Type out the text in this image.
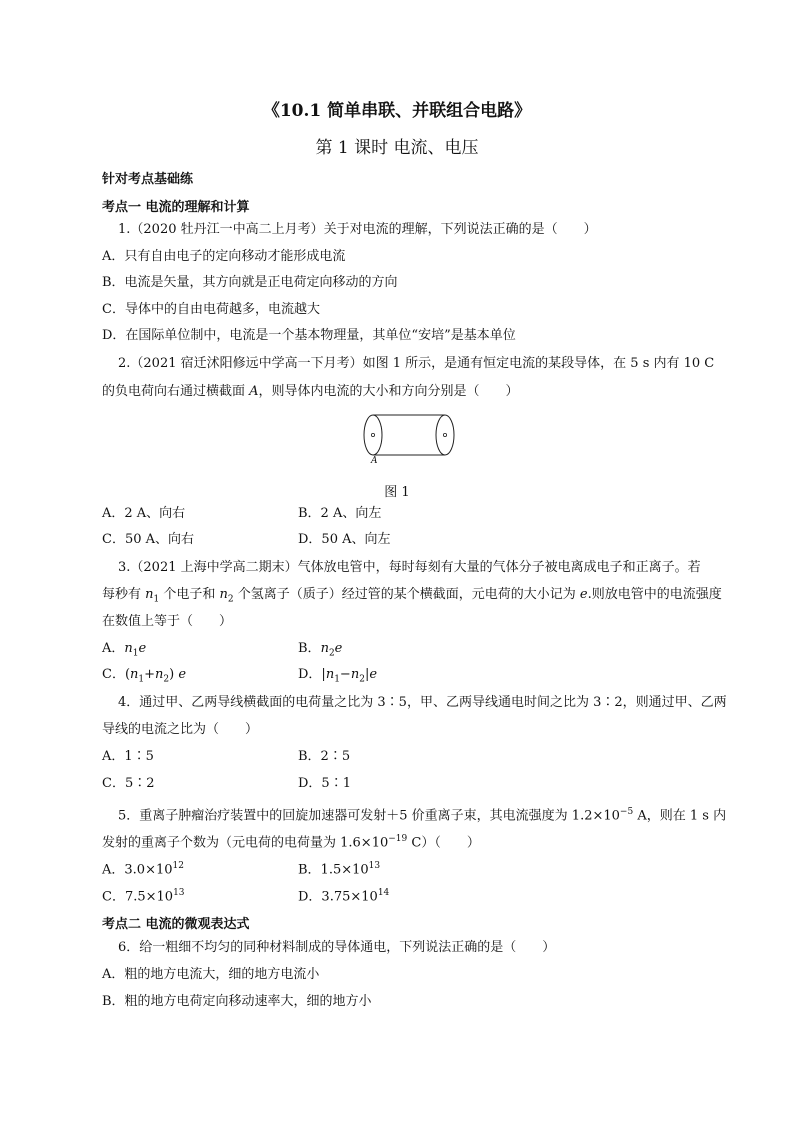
《10.1 简单串联、并联组合电路》
第 1 课时 电流、电压
针对考点基础练
考点一 电流的理解和计算
1.（2020 牡丹江一中高二上月考）关于对电流的理解，下列说法正确的是（　　）
A．只有自由电子的定向移动才能形成电流
B．电流是矢量，其方向就是正电荷定向移动的方向
C．导体中的自由电荷越多，电流越大
D．在国际单位制中，电流是一个基本物理量，其单位“安培”是基本单位
2.（2021 宿迁沭阳修远中学高一下月考）如图 1 所示，是通有恒定电流的某段导体，在 5 s 内有 10 C
的负电荷向右通过横截面 A，则导体内电流的大小和方向分别是（　　）
A
图 1
A．2 A、向右	B．2 A、向左
C．50 A、向右	D．50 A、向左
3.（2021 上海中学高二期末）气体放电管中，每时每刻有大量的气体分子被电离成电子和正离子。若
每秒有 $n_1$ 个电子和 $n_2$ 个氢离子（质子）经过管的某个横截面，元电荷的大小记为 e.则放电管中的电流强度
在数值上等于（　　）
A．$n_1e$	B．$n_2e$
C．$(n_1+n_2)$ e	D．$|n_1-n_2|e$
4．通过甲、乙两导线横截面的电荷量之比为 3∶5，甲、乙两导线通电时间之比为 3∶2，则通过甲、乙两
导线的电流之比为（　　）
A．1∶5	B．2∶5
C．5∶2	D．5∶1
5．重离子肿瘤治疗装置中的回旋加速器可发射＋5 价重离子束，其电流强度为 $1.2\times 10^{-5}$ A，则在 1 s 内
发射的重离子个数为（元电荷的电荷量为 $1.6\times 10^{-19}$ C）（　　）
A．$3.0\times 10^{12}$	B．$1.5\times 10^{13}$
C．$7.5\times 10^{13}$	D．$3.75\times 10^{14}$
考点二 电流的微观表达式
6．给一粗细不均匀的同种材料制成的导体通电，下列说法正确的是（　　）
A．粗的地方电流大，细的地方电流小
B．粗的地方电荷定向移动速率大，细的地方小
